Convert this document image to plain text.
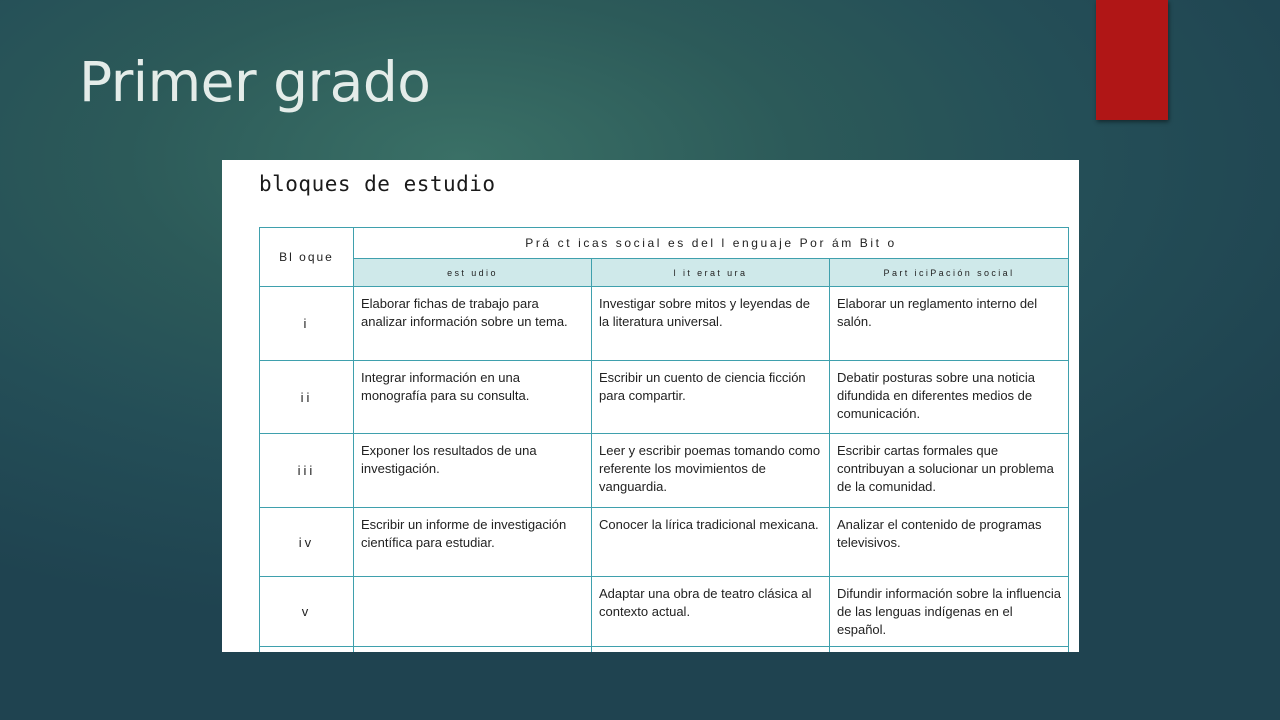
Primer grado
bloques de estudio
Bl oque	Prá ct icas social es del l enguaje Por ám Bit o		
	est udio	l it erat ura	Part iciPación social
i	Elaborar fichas de trabajo para analizar información sobre un tema.	Investigar sobre mitos y leyendas de la literatura universal.	Elaborar un reglamento interno del salón.
ii	Integrar información en una monografía para su consulta.	Escribir un cuento de ciencia ficción para compartir.	Debatir posturas sobre una noticia difundida en diferentes medios de comunicación.
iii	Exponer los resultados de una investigación.	Leer y escribir poemas tomando como referente los movimientos de vanguardia.	Escribir cartas formales que contribuyan a solucionar un problema de la comunidad.
iv	Escribir un informe de investigación científica para estudiar.	Conocer la lírica tradicional mexicana.	Analizar el contenido de programas televisivos.
v		Adaptar una obra de teatro clásica al contexto actual.	Difundir información sobre la influencia de las lenguas indígenas en el español.
